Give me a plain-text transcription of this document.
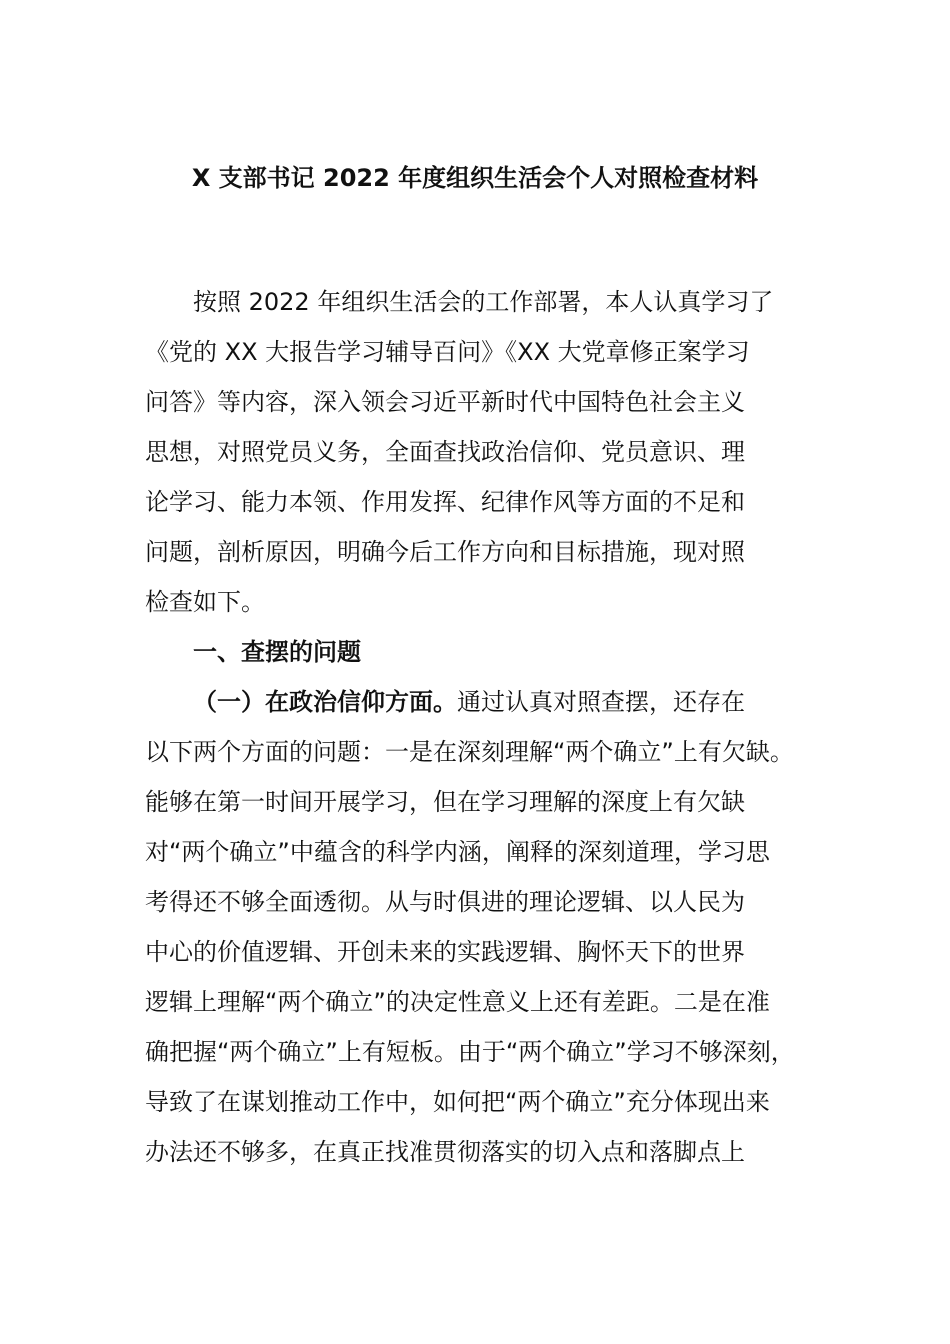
X 支部书记 2022 年度组织生活会个人对照检查材料
按照 2022 年组织生活会的工作部署，本人认真学习了
《党的 XX 大报告学习辅导百问》《XX 大党章修正案学习
问答》等内容，深入领会习近平新时代中国特色社会主义
思想，对照党员义务，全面查找政治信仰、党员意识、理
论学习、能力本领、作用发挥、纪律作风等方面的不足和
问题，剖析原因，明确今后工作方向和目标措施，现对照
检查如下。
一、查摆的问题
（一）在政治信仰方面。通过认真对照查摆，还存在
以下两个方面的问题：一是在深刻理解“两个确立”上有欠缺。
能够在第一时间开展学习，但在学习理解的深度上有欠缺
对“两个确立”中蕴含的科学内涵，阐释的深刻道理，学习思
考得还不够全面透彻。从与时俱进的理论逻辑、以人民为
中心的价值逻辑、开创未来的实践逻辑、胸怀天下的世界
逻辑上理解“两个确立”的决定性意义上还有差距。二是在准
确把握“两个确立”上有短板。由于“两个确立”学习不够深刻，
导致了在谋划推动工作中，如何把“两个确立”充分体现出来
办法还不够多，在真正找准贯彻落实的切入点和落脚点上
